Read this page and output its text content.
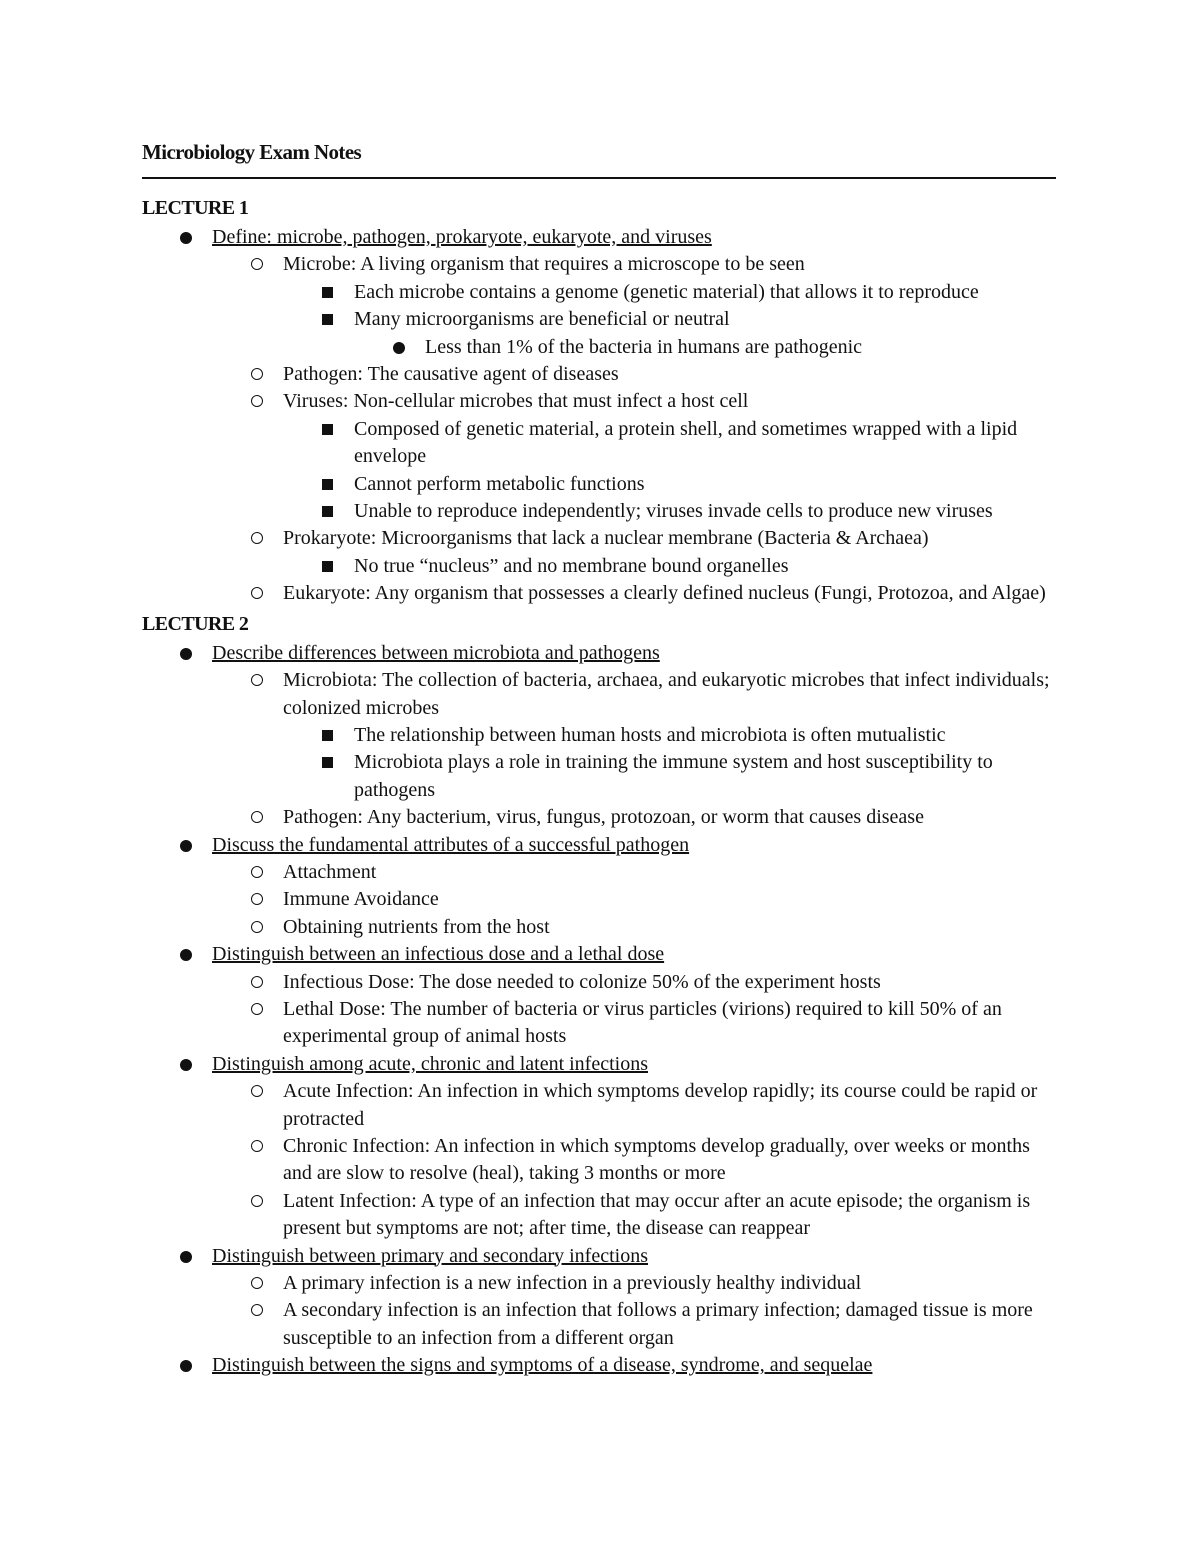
Microbiology Exam Notes
LECTURE 1
Define: microbe, pathogen, prokaryote, eukaryote, and viruses
Microbe: A living organism that requires a microscope to be seen
Each microbe contains a genome (genetic material) that allows it to reproduce
Many microorganisms are beneficial or neutral
Less than 1% of the bacteria in humans are pathogenic
Pathogen: The causative agent of diseases
Viruses: Non-cellular microbes that must infect a host cell
Composed of genetic material, a protein shell, and sometimes wrapped with a lipid envelope
Cannot perform metabolic functions
Unable to reproduce independently; viruses invade cells to produce new viruses
Prokaryote: Microorganisms that lack a nuclear membrane (Bacteria & Archaea)
No true “nucleus” and no membrane bound organelles
Eukaryote: Any organism that possesses a clearly defined nucleus (Fungi, Protozoa, and Algae)
LECTURE 2
Describe differences between microbiota and pathogens
Microbiota: The collection of bacteria, archaea, and eukaryotic microbes that infect individuals; colonized microbes
The relationship between human hosts and microbiota is often mutualistic
Microbiota plays a role in training the immune system and host susceptibility to pathogens
Pathogen: Any bacterium, virus, fungus, protozoan, or worm that causes disease
Discuss the fundamental attributes of a successful pathogen
Attachment
Immune Avoidance
Obtaining nutrients from the host
Distinguish between an infectious dose and a lethal dose
Infectious Dose: The dose needed to colonize 50% of the experiment hosts
Lethal Dose: The number of bacteria or virus particles (virions) required to kill 50% of an experimental group of animal hosts
Distinguish among acute, chronic and latent infections
Acute Infection: An infection in which symptoms develop rapidly; its course could be rapid or protracted
Chronic Infection: An infection in which symptoms develop gradually, over weeks or months and are slow to resolve (heal), taking 3 months or more
Latent Infection: A type of an infection that may occur after an acute episode; the organism is present but symptoms are not; after time, the disease can reappear
Distinguish between primary and secondary infections
A primary infection is a new infection in a previously healthy individual
A secondary infection is an infection that follows a primary infection; damaged tissue is more susceptible to an infection from a different organ
Distinguish between the signs and symptoms of a disease, syndrome, and sequelae
